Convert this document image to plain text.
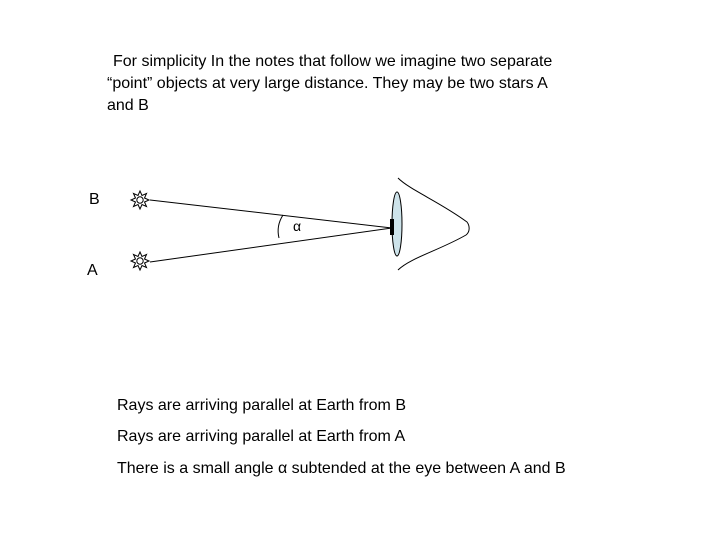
For simplicity In the notes that follow we imagine two separate
“point” objects at very large distance. They may be two stars A
and B

B
A
α
Rays are arriving parallel at Earth from B
Rays are arriving parallel at Earth from A
There is a small angle α subtended at the eye between A and B
